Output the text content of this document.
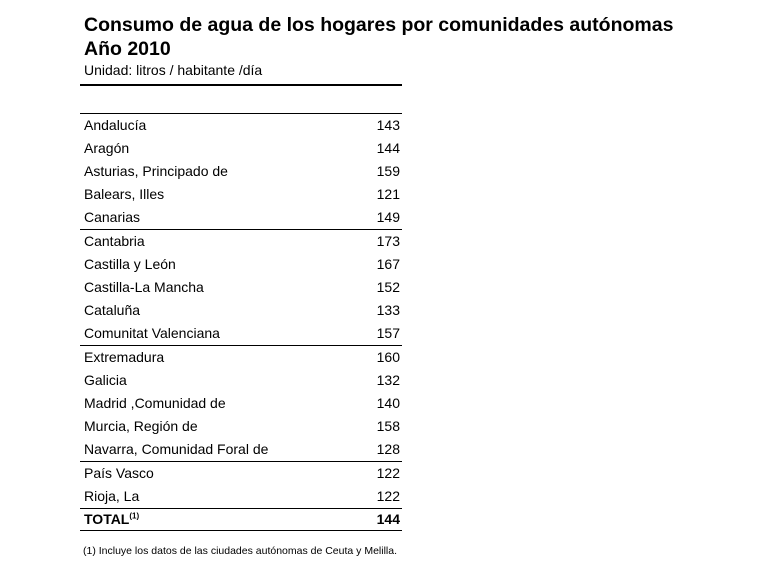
Consumo de agua de los hogares por comunidades autónomas
Año 2010
Unidad: litros / habitante /día
Andalucía	143
Aragón	144
Asturias, Principado de	159
Balears, Illes	121
Canarias	149
Cantabria	173
Castilla y León	167
Castilla-La Mancha	152
Cataluña	133
Comunitat Valenciana	157
Extremadura	160
Galicia	132
Madrid ,Comunidad de	140
Murcia, Región de	158
Navarra, Comunidad Foral de	128
País Vasco	122
Rioja, La	122
TOTAL$^{(1)}$	144
(1) Incluye los datos de las ciudades autónomas de Ceuta y Melilla.
